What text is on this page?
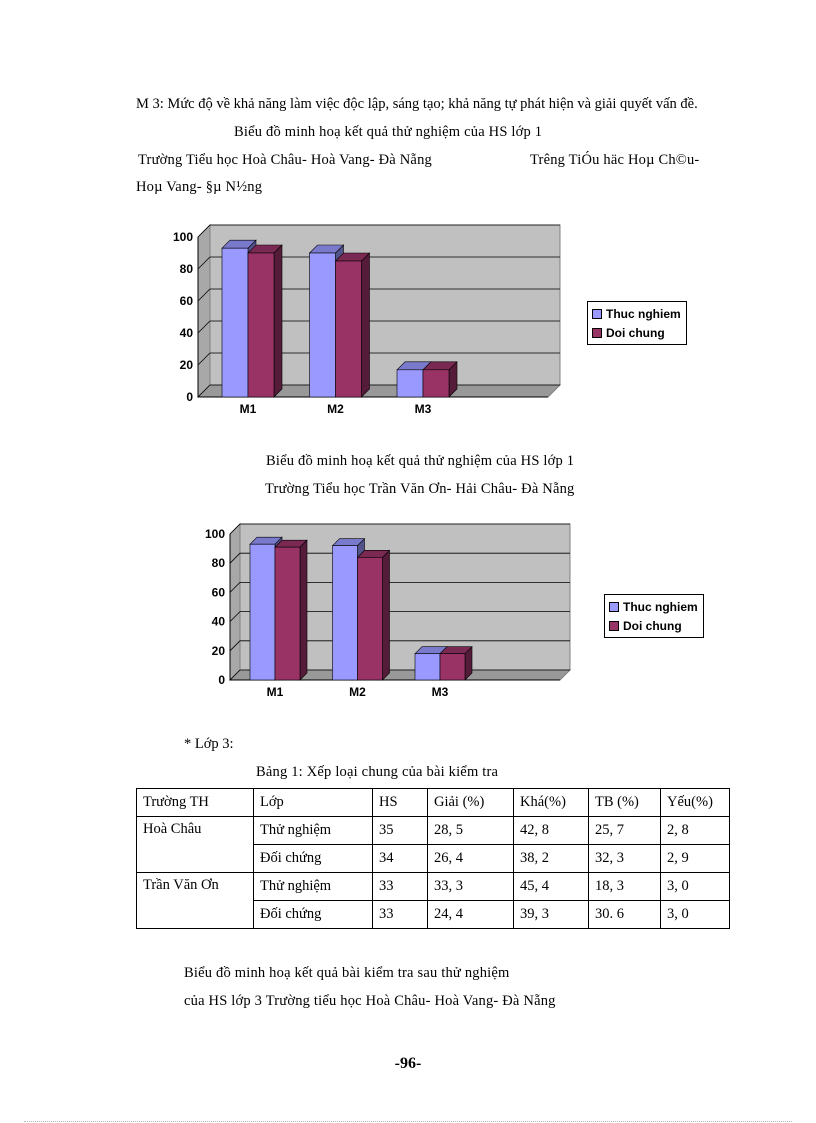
M 3: Mức độ về khả năng làm việc độc lập, sáng tạo; khả năng tự phát hiện và giải quyết vấn đề.
Biểu đồ minh hoạ kết quả thử nghiệm của HS lớp 1
Trường Tiểu học Hoà Châu- Hoà Vang- Đà Nẵng	Trêng TiÓu häc Hoµ Ch©u-
Hoµ Vang- §µ N½ng
100
80
60
40
20
0
M1	M2	M3
Thuc nghiem
Doi chung
Biểu đồ minh hoạ kết quả thử nghiệm của HS lớp 1
Trường Tiểu học Trần Văn Ơn- Hải Châu- Đà Nẵng
100
80
60
40
20
0
M1	M2	M3
Thuc nghiem
Doi chung
* Lớp 3:
Bảng 1: Xếp loại chung của bài kiểm tra
Trường TH	Lớp	HS	Giải (%)	Khá(%)	TB (%)	Yếu(%)
Hoà Châu	Thử nghiệm	35	28, 5	42, 8	25, 7	2, 8
	Đối chứng	34	26, 4	38, 2	32, 3	2, 9
Trần Văn Ơn	Thử nghiệm	33	33, 3	45, 4	18, 3	3, 0
	Đối chứng	33	24, 4	39, 3	30. 6	3, 0
Biểu đồ minh hoạ kết quả bài kiểm tra sau thử nghiệm
của HS lớp 3 Trường tiểu học Hoà Châu- Hoà Vang- Đà Nẵng
-96-
